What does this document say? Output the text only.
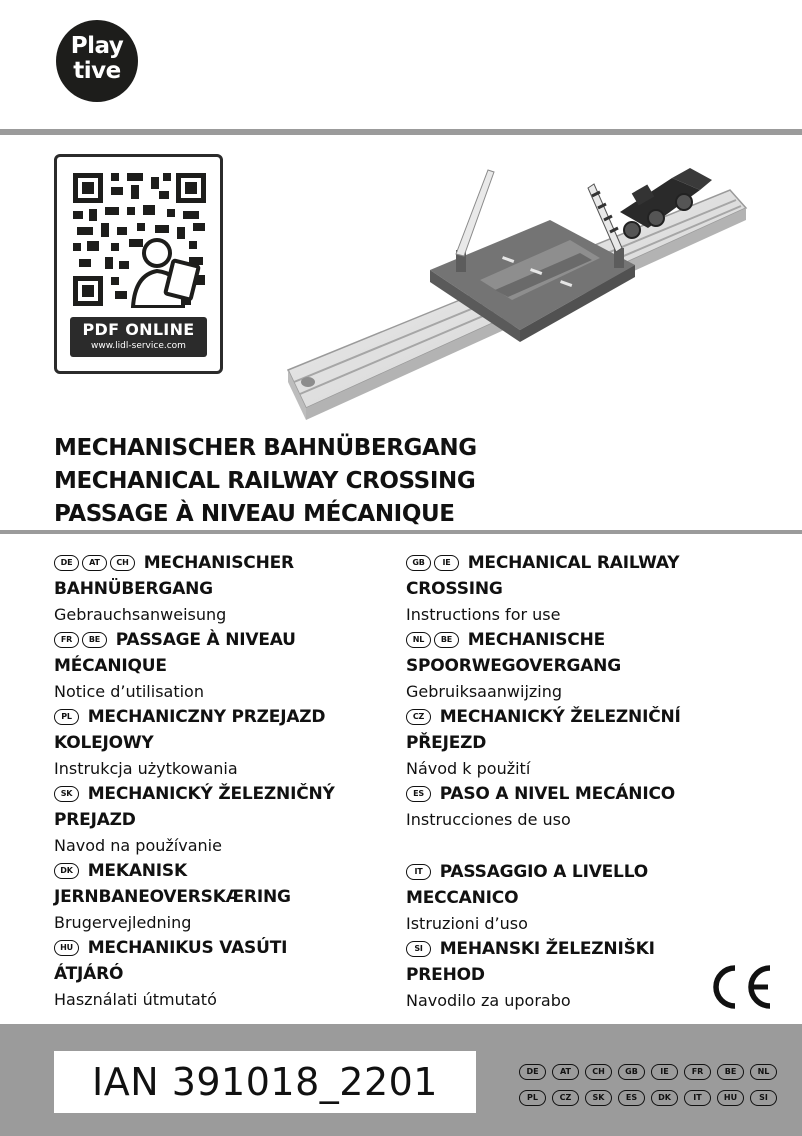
Play
tive
PDF ONLINE
www.lidl-service.com
MECHANISCHER BAHNÜBERGANG
MECHANICAL RAILWAY CROSSING
PASSAGE À NIVEAU MÉCANIQUE
DE AT CH MECHANISCHER
BAHNÜBERGANG
Gebrauchsanweisung
FR BE PASSAGE À NIVEAU
MÉCANIQUE
Notice d’utilisation
PL MECHANICZNY PRZEJAZD
KOLEJOWY
Instrukcja użytkowania
SK MECHANICKÝ ŽELEZNIČNÝ
PREJAZD
Navod na používanie
DK MEKANISK
JERNBANEOVERSKÆRING
Brugervejledning
HU MECHANIKUS VASÚTI
ÁTJÁRÓ
Használati útmutató
GB IE MECHANICAL RAILWAY
CROSSING
Instructions for use
NL BE MECHANISCHE
SPOORWEGOVERGANG
Gebruiksaanwijzing
CZ MECHANICKÝ ŽELEZNIČNÍ
PŘEJEZD
Návod k použití
ES PASO A NIVEL MECÁNICO
Instrucciones de uso
IT PASSAGGIO A LIVELLO
MECCANICO
Istruzioni d’uso
SI MEHANSKI ŽELEZNIŠKI
PREHOD
Navodilo za uporabo
IAN 391018_2201	DE	AT	CH	GB	IE	FR	BE	NL
PL	CZ	SK	ES	DK	IT	HU	SI
